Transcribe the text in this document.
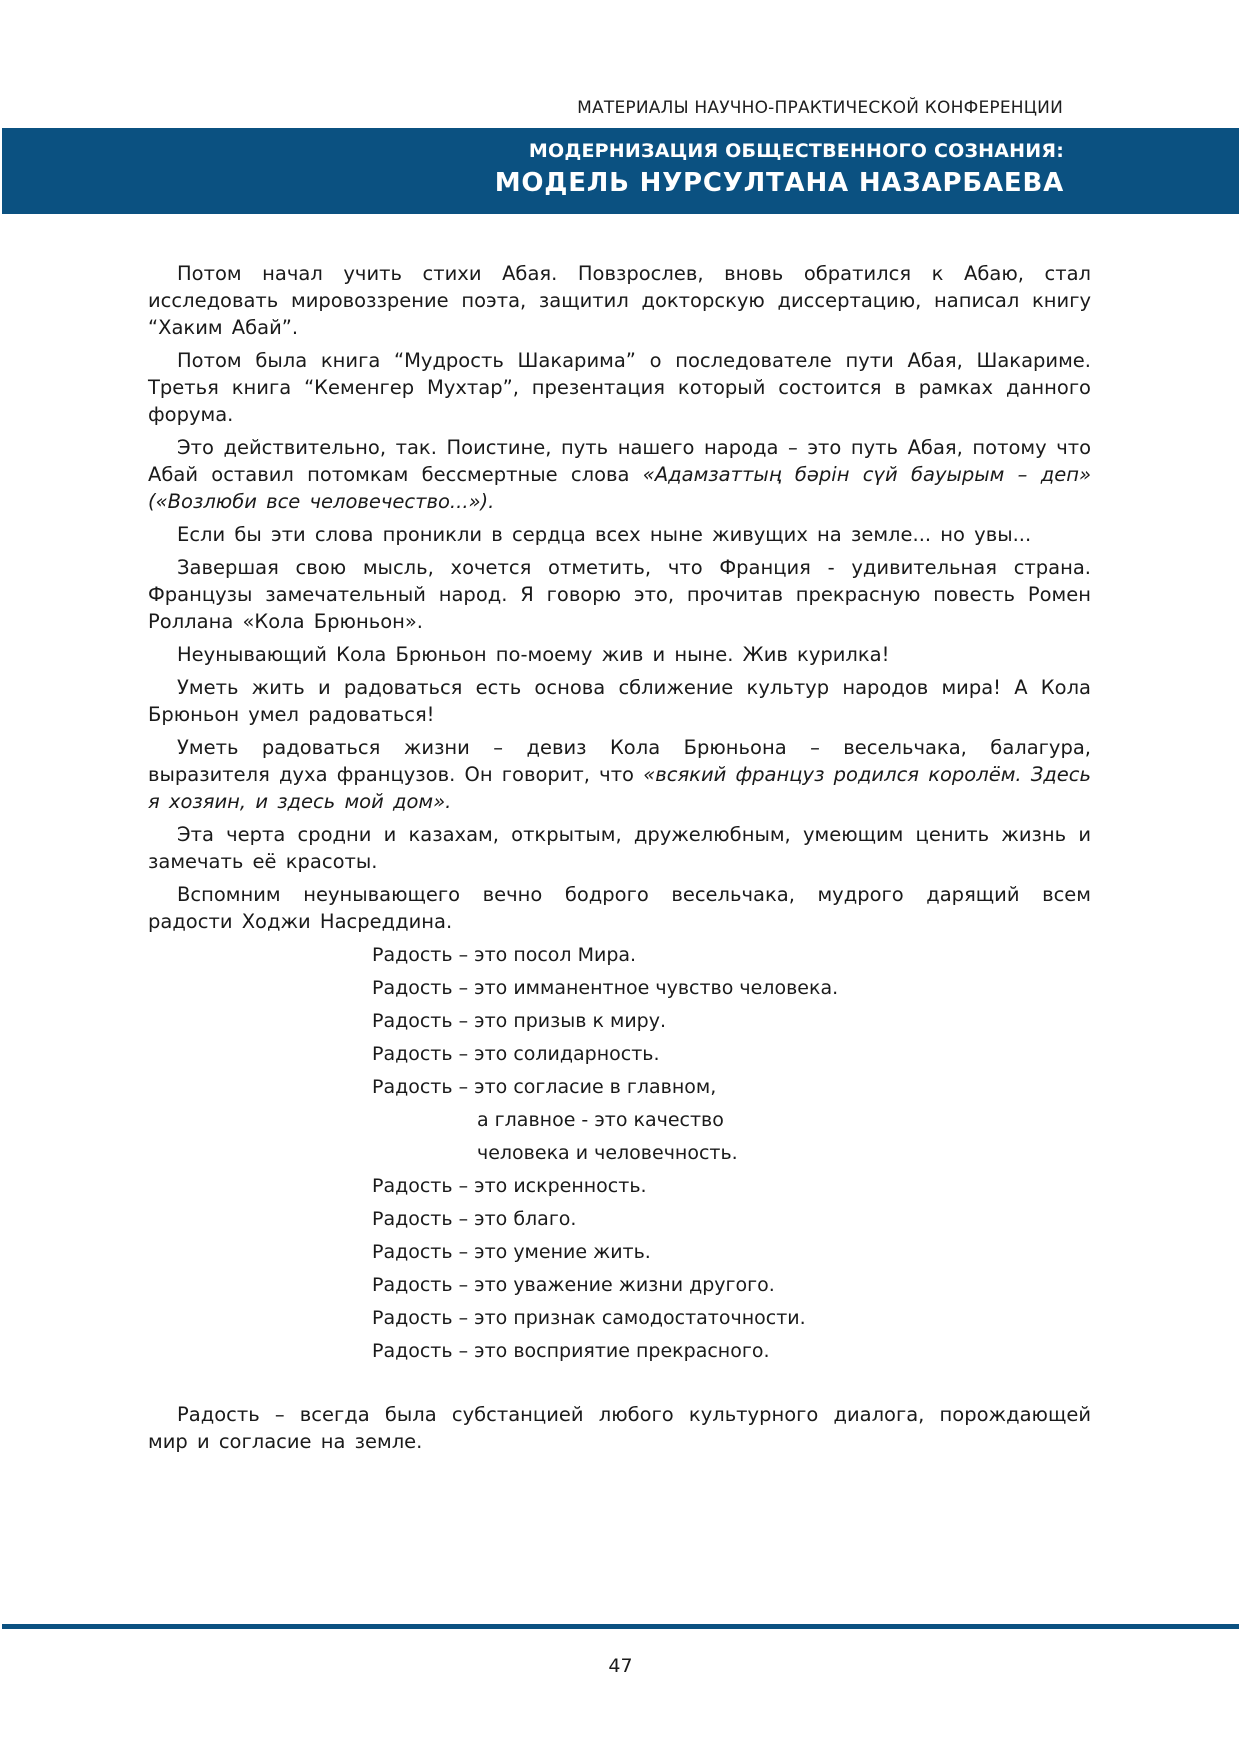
МАТЕРИАЛЫ НАУЧНО-ПРАКТИЧЕСКОЙ КОНФЕРЕНЦИИ
МОДЕРНИЗАЦИЯ ОБЩЕСТВЕННОГО СОЗНАНИЯ:
МОДЕЛЬ НУРСУЛТАНА НАЗАРБАЕВА

Потом начал учить стихи Абая. Повзрослев, вновь обратился к Абаю, стал исследовать мировоззрение поэта, защитил докторскую диссертацию, написал книгу “Хаким Абай”.

Потом была книга “Мудрость Шакарима” о последователе пути Абая, Шакариме. Третья книга “Кеменгер Мухтар”, презентация который состоится в рамках данного форума.

Это действительно, так. Поистине, путь нашего народа – это путь Абая, потому что Абай оставил потомкам бессмертные слова «Адамзаттың бәрін сүй бауырым – деп» («Возлюби все человечество...»).

Если бы эти слова проникли в сердца всех ныне живущих на земле... но увы...

Завершая свою мысль, хочется отметить, что Франция - удивительная страна. Французы замечательный народ. Я говорю это, прочитав прекрасную повесть Ромен Роллана «Кола Брюньон».

Неунывающий Кола Брюньон по-моему жив и ныне. Жив курилка!

Уметь жить и радоваться есть основа сближение культур народов мира! А Кола Брюньон умел радоваться!

Уметь радоваться жизни – девиз Кола Брюньона – весельчака, балагура, выразителя духа французов. Он говорит, что «всякий француз родился королём. Здесь я хозяин, и здесь мой дом».

Эта черта сродни и казахам, открытым, дружелюбным, умеющим ценить жизнь и замечать её красоты.

Вспомним неунывающего вечно бодрого весельчака, мудрого дарящий всем радости Ходжи Насреддина.

Радость – это посол Мира.
Радость – это имманентное чувство человека.
Радость – это призыв к миру.
Радость – это солидарность.
Радость – это согласие в главном,
а главное - это качество
человека и человечность.
Радость – это искренность.
Радость – это благо.
Радость – это умение жить.
Радость – это уважение жизни другого.
Радость – это признак самодостаточности.
Радость – это восприятие прекрасного.

Радость – всегда была субстанцией любого культурного диалога, порождающей мир и согласие на земле.

47
